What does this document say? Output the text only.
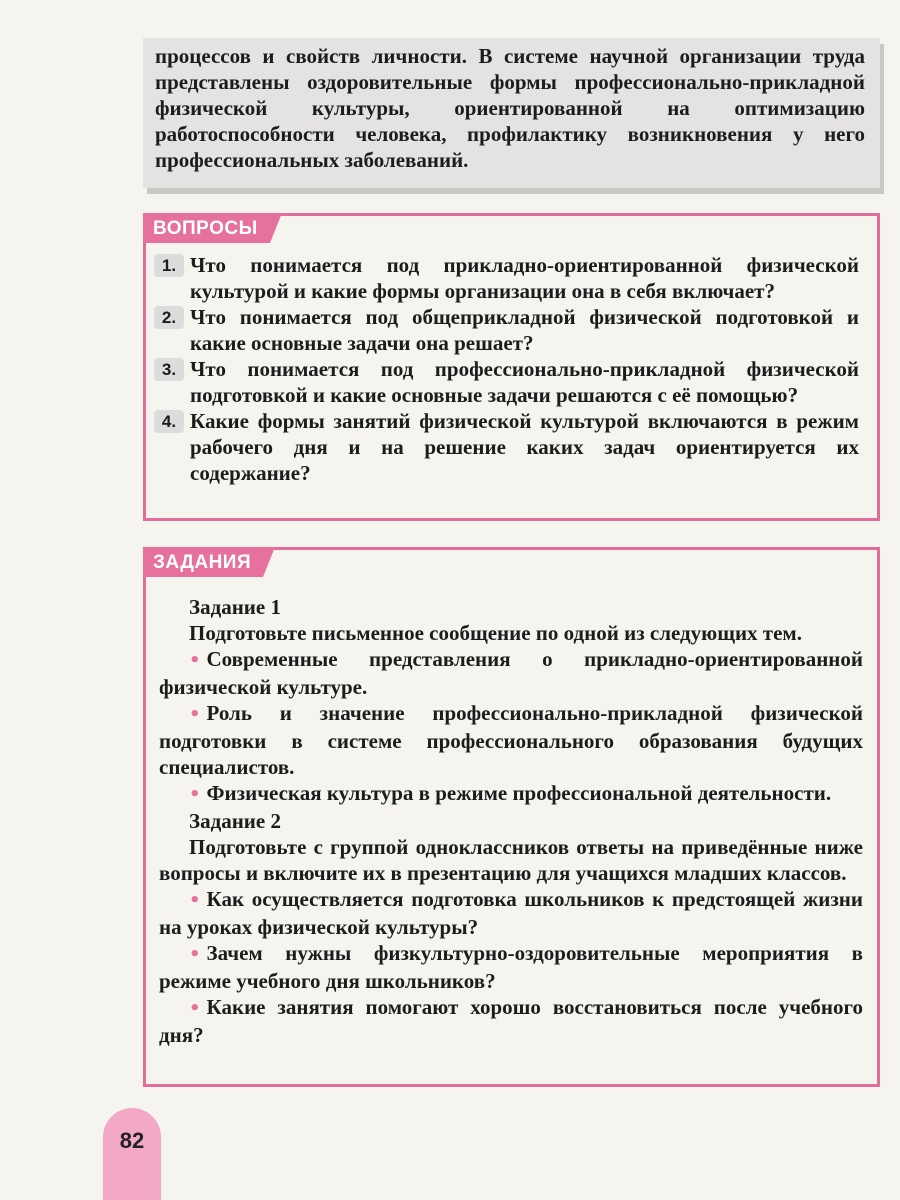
процессов и свойств личности. В системе научной организации труда представлены оздоровительные формы профессионально-прикладной физической культуры, ориентированной на оптимизацию работоспособности человека, профилактику возникновения у него профессиональных заболеваний.

ВОПРОСЫ
1. Что понимается под прикладно-ориентированной физической культурой и какие формы организации она в себя включает?
2. Что понимается под общеприкладной физической подготовкой и какие основные задачи она решает?
3. Что понимается под профессионально-прикладной физической подготовкой и какие основные задачи решаются с её помощью?
4. Какие формы занятий физической культурой включаются в режим рабочего дня и на решение каких задач ориентируется их содержание?
ЗАДАНИЯ

Задание 1

Подготовьте письменное сообщение по одной из следующих тем.

• Современные представления о прикладно-ориентированной физической культуре.

• Роль и значение профессионально-прикладной физической подготовки в системе профессионального образования будущих специалистов.

• Физическая культура в режиме профессиональной деятельности.

Задание 2

Подготовьте с группой одноклассников ответы на приведённые ниже вопросы и включите их в презентацию для учащихся младших классов.

• Как осуществляется подготовка школьников к предстоящей жизни на уроках физической культуры?

• Зачем нужны физкультурно-оздоровительные мероприятия в режиме учебного дня школьников?

• Какие занятия помогают хорошо восстановиться после учебного дня?

82
